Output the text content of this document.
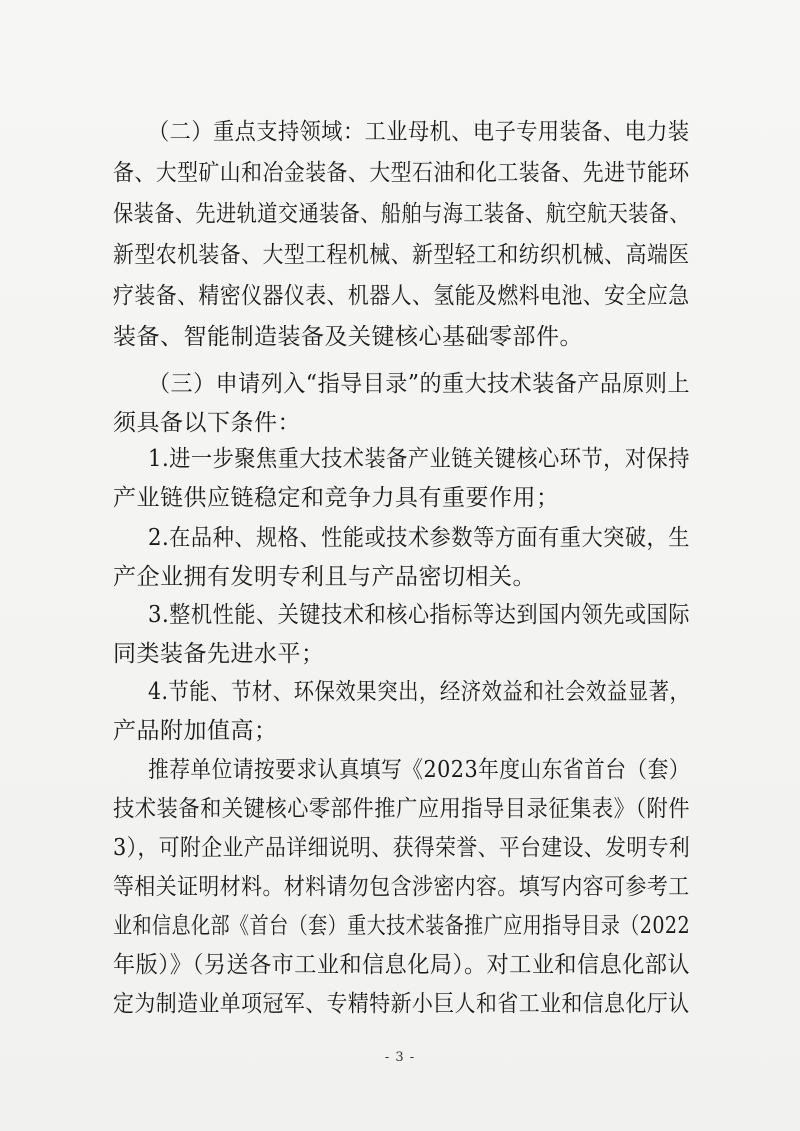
（二）重点支持领域：工业母机、电子专用装备、电力装
备、大型矿山和冶金装备、大型石油和化工装备、先进节能环
保装备、先进轨道交通装备、船舶与海工装备、航空航天装备、
新型农机装备、大型工程机械、新型轻工和纺织机械、高端医
疗装备、精密仪器仪表、机器人、氢能及燃料电池、安全应急
装备、智能制造装备及关键核心基础零部件。
（三）申请列入“指导目录”的重大技术装备产品原则上
须具备以下条件：
1.进一步聚焦重大技术装备产业链关键核心环节，对保持
产业链供应链稳定和竞争力具有重要作用；
2.在品种、规格、性能或技术参数等方面有重大突破，生
产企业拥有发明专利且与产品密切相关。
3.整机性能、关键技术和核心指标等达到国内领先或国际
同类装备先进水平；
4.节能、节材、环保效果突出，经济效益和社会效益显著，
产品附加值高；
推荐单位请按要求认真填写《2023年度山东省首台（套）
技术装备和关键核心零部件推广应用指导目录征集表》（附件
3），可附企业产品详细说明、获得荣誉、平台建设、发明专利
等相关证明材料。材料请勿包含涉密内容。填写内容可参考工
业和信息化部《首台（套）重大技术装备推广应用指导目录（2022
年版）》（另送各市工业和信息化局）。对工业和信息化部认
定为制造业单项冠军、专精特新小巨人和省工业和信息化厅认
- 3 -
